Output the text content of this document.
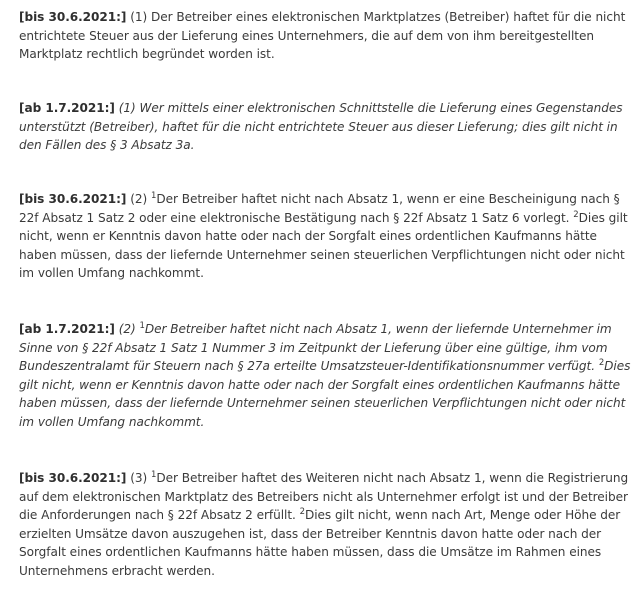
[bis 30.6.2021:] (1) Der Betreiber eines elektronischen Marktplatzes (Betreiber) haftet für die nicht entrichtete Steuer aus der Lieferung eines Unternehmers, die auf dem von ihm bereitgestellten Marktplatz rechtlich begründet worden ist.

[ab 1.7.2021:] (1) Wer mittels einer elektronischen Schnittstelle die Lieferung eines Gegenstandes unterstützt (Betreiber), haftet für die nicht entrichtete Steuer aus dieser Lieferung; dies gilt nicht in den Fällen des § 3 Absatz 3a.

[bis 30.6.2021:] (2) $^1$Der Betreiber haftet nicht nach Absatz 1, wenn er eine Bescheinigung nach § 22f Absatz 1 Satz 2 oder eine elektronische Bestätigung nach § 22f Absatz 1 Satz 6 vorlegt. $^2$Dies gilt nicht, wenn er Kenntnis davon hatte oder nach der Sorgfalt eines ordentlichen Kaufmanns hätte haben müssen, dass der liefernde Unternehmer seinen steuerlichen Verpflichtungen nicht oder nicht im vollen Umfang nachkommt.

[ab 1.7.2021:] (2) $^1$Der Betreiber haftet nicht nach Absatz 1, wenn der liefernde Unternehmer im Sinne von § 22f Absatz 1 Satz 1 Nummer 3 im Zeitpunkt der Lieferung über eine gültige, ihm vom Bundeszentralamt für Steuern nach § 27a erteilte Umsatzsteuer-Identifikationsnummer verfügt. $^2$Dies gilt nicht, wenn er Kenntnis davon hatte oder nach der Sorgfalt eines ordentlichen Kaufmanns hätte haben müssen, dass der liefernde Unternehmer seinen steuerlichen Verpflichtungen nicht oder nicht im vollen Umfang nachkommt.

[bis 30.6.2021:] (3) $^1$Der Betreiber haftet des Weiteren nicht nach Absatz 1, wenn die Registrierung auf dem elektronischen Marktplatz des Betreibers nicht als Unternehmer erfolgt ist und der Betreiber die Anforderungen nach § 22f Absatz 2 erfüllt. $^2$Dies gilt nicht, wenn nach Art, Menge oder Höhe der erzielten Umsätze davon auszugehen ist, dass der Betreiber Kenntnis davon hatte oder nach der Sorgfalt eines ordentlichen Kaufmanns hätte haben müssen, dass die Umsätze im Rahmen eines Unternehmens erbracht werden.
